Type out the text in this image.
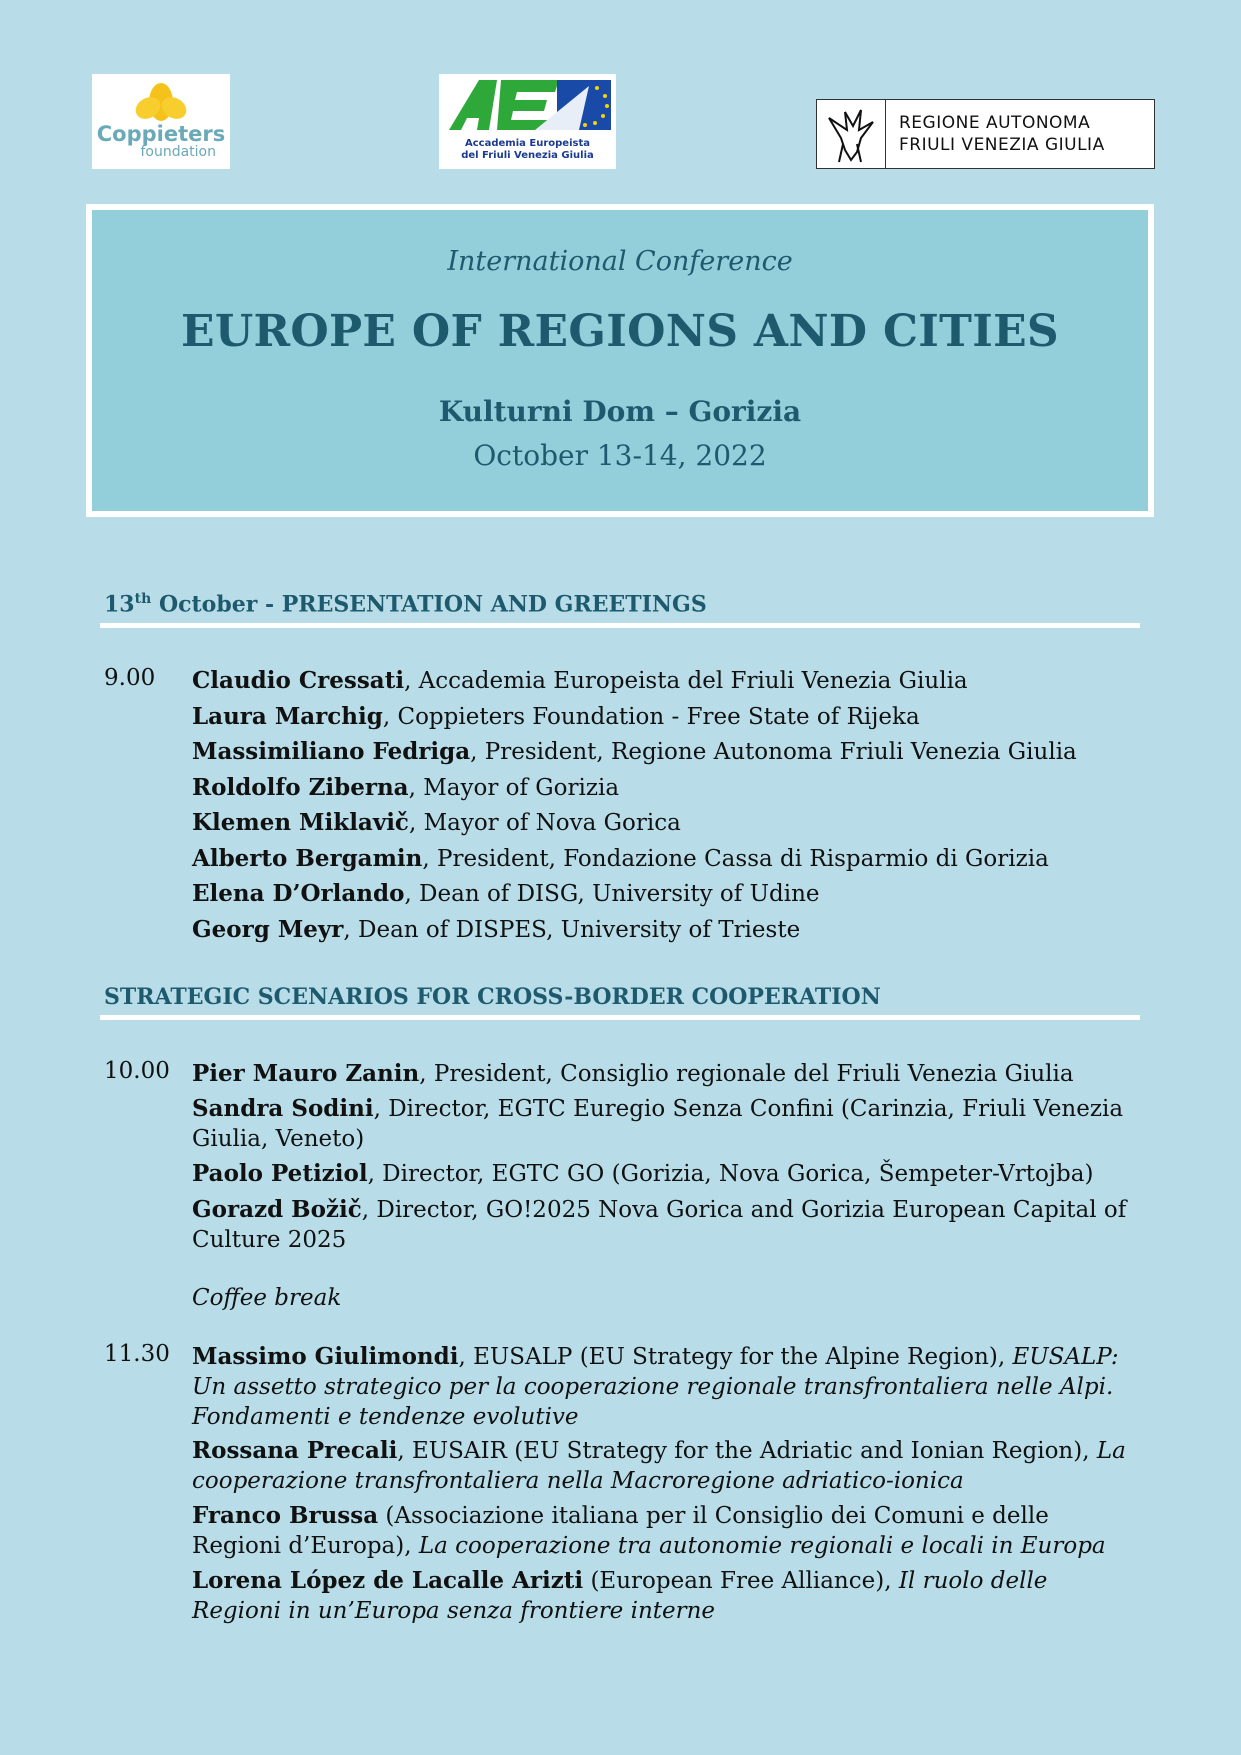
Coppieters
foundation
Accademia Europeista
del Friuli Venezia Giulia
REGIONE AUTONOMA
FRIULI VENEZIA GIULIA
International Conference
EUROPE OF REGIONS AND CITIES
Kulturni Dom – Gorizia
October 13-14, 2022
13th October - PRESENTATION AND GREETINGS
9.00 Claudio Cressati, Accademia Europeista del Friuli Venezia Giulia
Laura Marchig, Coppieters Foundation - Free State of Rijeka
Massimiliano Fedriga, President, Regione Autonoma Friuli Venezia Giulia
Roldolfo Ziberna, Mayor of Gorizia
Klemen Miklavič, Mayor of Nova Gorica
Alberto Bergamin, President, Fondazione Cassa di Risparmio di Gorizia
Elena D’Orlando, Dean of DISG, University of Udine
Georg Meyr, Dean of DISPES, University of Trieste
STRATEGIC SCENARIOS FOR CROSS-BORDER COOPERATION
10.00 Pier Mauro Zanin, President, Consiglio regionale del Friuli Venezia Giulia
Sandra Sodini, Director, EGTC Euregio Senza Confini (Carinzia, Friuli Venezia Giulia, Veneto)
Paolo Petiziol, Director, EGTC GO (Gorizia, Nova Gorica, Šempeter-Vrtojba)
Gorazd Božič, Director, GO!2025 Nova Gorica and Gorizia European Capital of Culture 2025
Coffee break
11.30 Massimo Giulimondi, EUSALP (EU Strategy for the Alpine Region), EUSALP: Un assetto strategico per la cooperazione regionale transfrontaliera nelle Alpi. Fondamenti e tendenze evolutive
Rossana Precali, EUSAIR (EU Strategy for the Adriatic and Ionian Region), La cooperazione transfrontaliera nella Macroregione adriatico-ionica
Franco Brussa (Associazione italiana per il Consiglio dei Comuni e delle Regioni d’Europa), La cooperazione tra autonomie regionali e locali in Europa
Lorena López de Lacalle Arizti (European Free Alliance), Il ruolo delle Regioni in un’Europa senza frontiere interne
